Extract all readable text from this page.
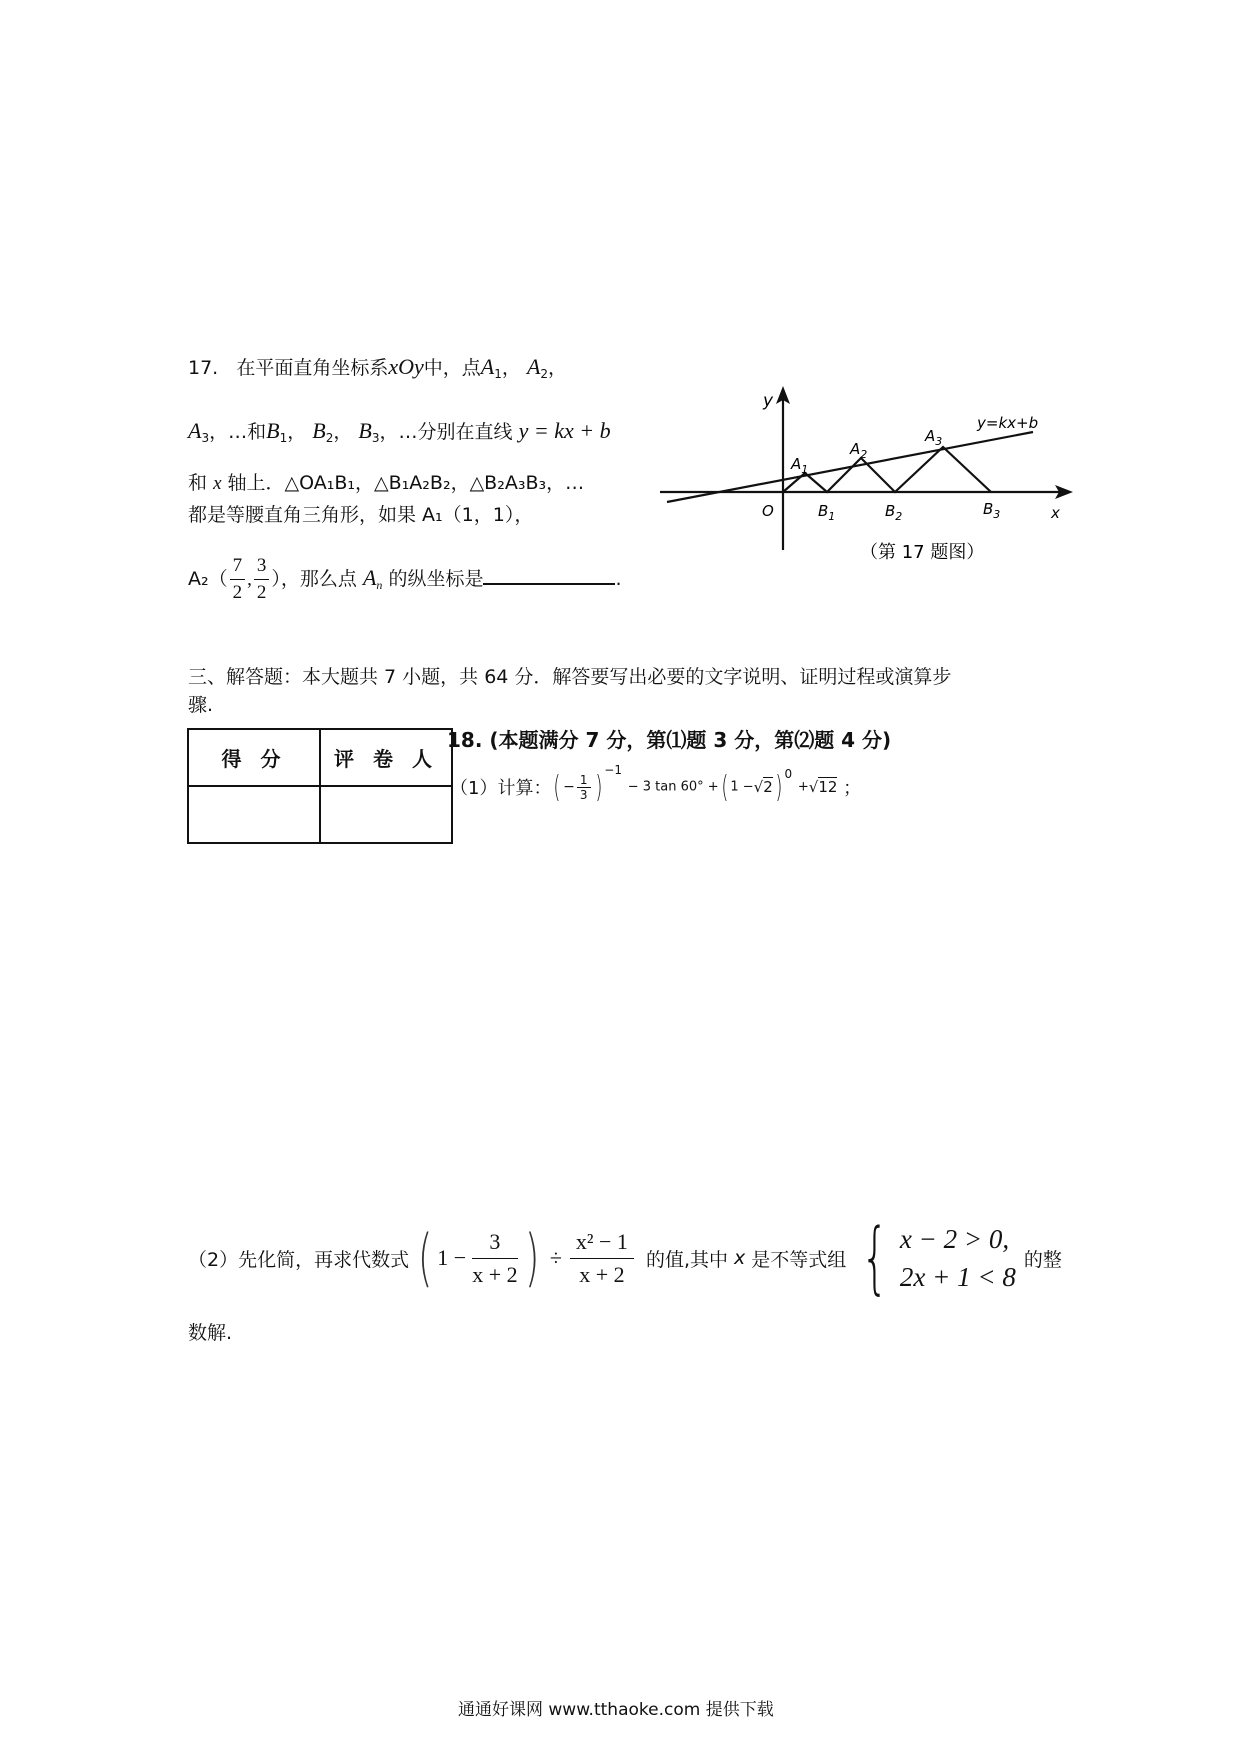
17. 在平面直角坐标系xOy中，点$A_1$， $A_2$，
$A_3$，…和$B_1$， $B_2$， $B_3$，…分别在直线 y = kx + b
和 x 轴上．△OA₁B₁，△B₁A₂B₂，△B₂A₃B₃，…
都是等腰直角三角形，如果 A₁（1，1），
$A_2( \frac{7}{2}$ , $\frac{3}{2}$ ），那么点 $A_n$ 的纵坐标是	.
y
x
O
y=kx+b
$A_1$
$A_2$
$A_3$
$B_1$	$B_2$	$B_3$
（第 17 题图）
三、解答题：本大题共 7 小题，共 64 分．解答要写出必要的文字说明、证明过程或演算步
骤.
得 分	评 卷 人

18. (本题满分 7 分，第⑴题 3 分，第⑵题 4 分)
（1）计算：( − $\frac{1}{3}$ ) $^{-1}$ − 3 tan 60° +( 1 −√2) $^0$ +√12 ；
（2）先化简，再求代数式 ( $1 - \frac{3}{x + 2}$ ) ÷ $\frac{\text{x² − 1}}{x + 2}$ 的值,其中 x 是不等式组 { x − 2 > 0,
2x + 1 < 8
的整
数解.
通通好课网 www.tthaoke.com 提供下载
